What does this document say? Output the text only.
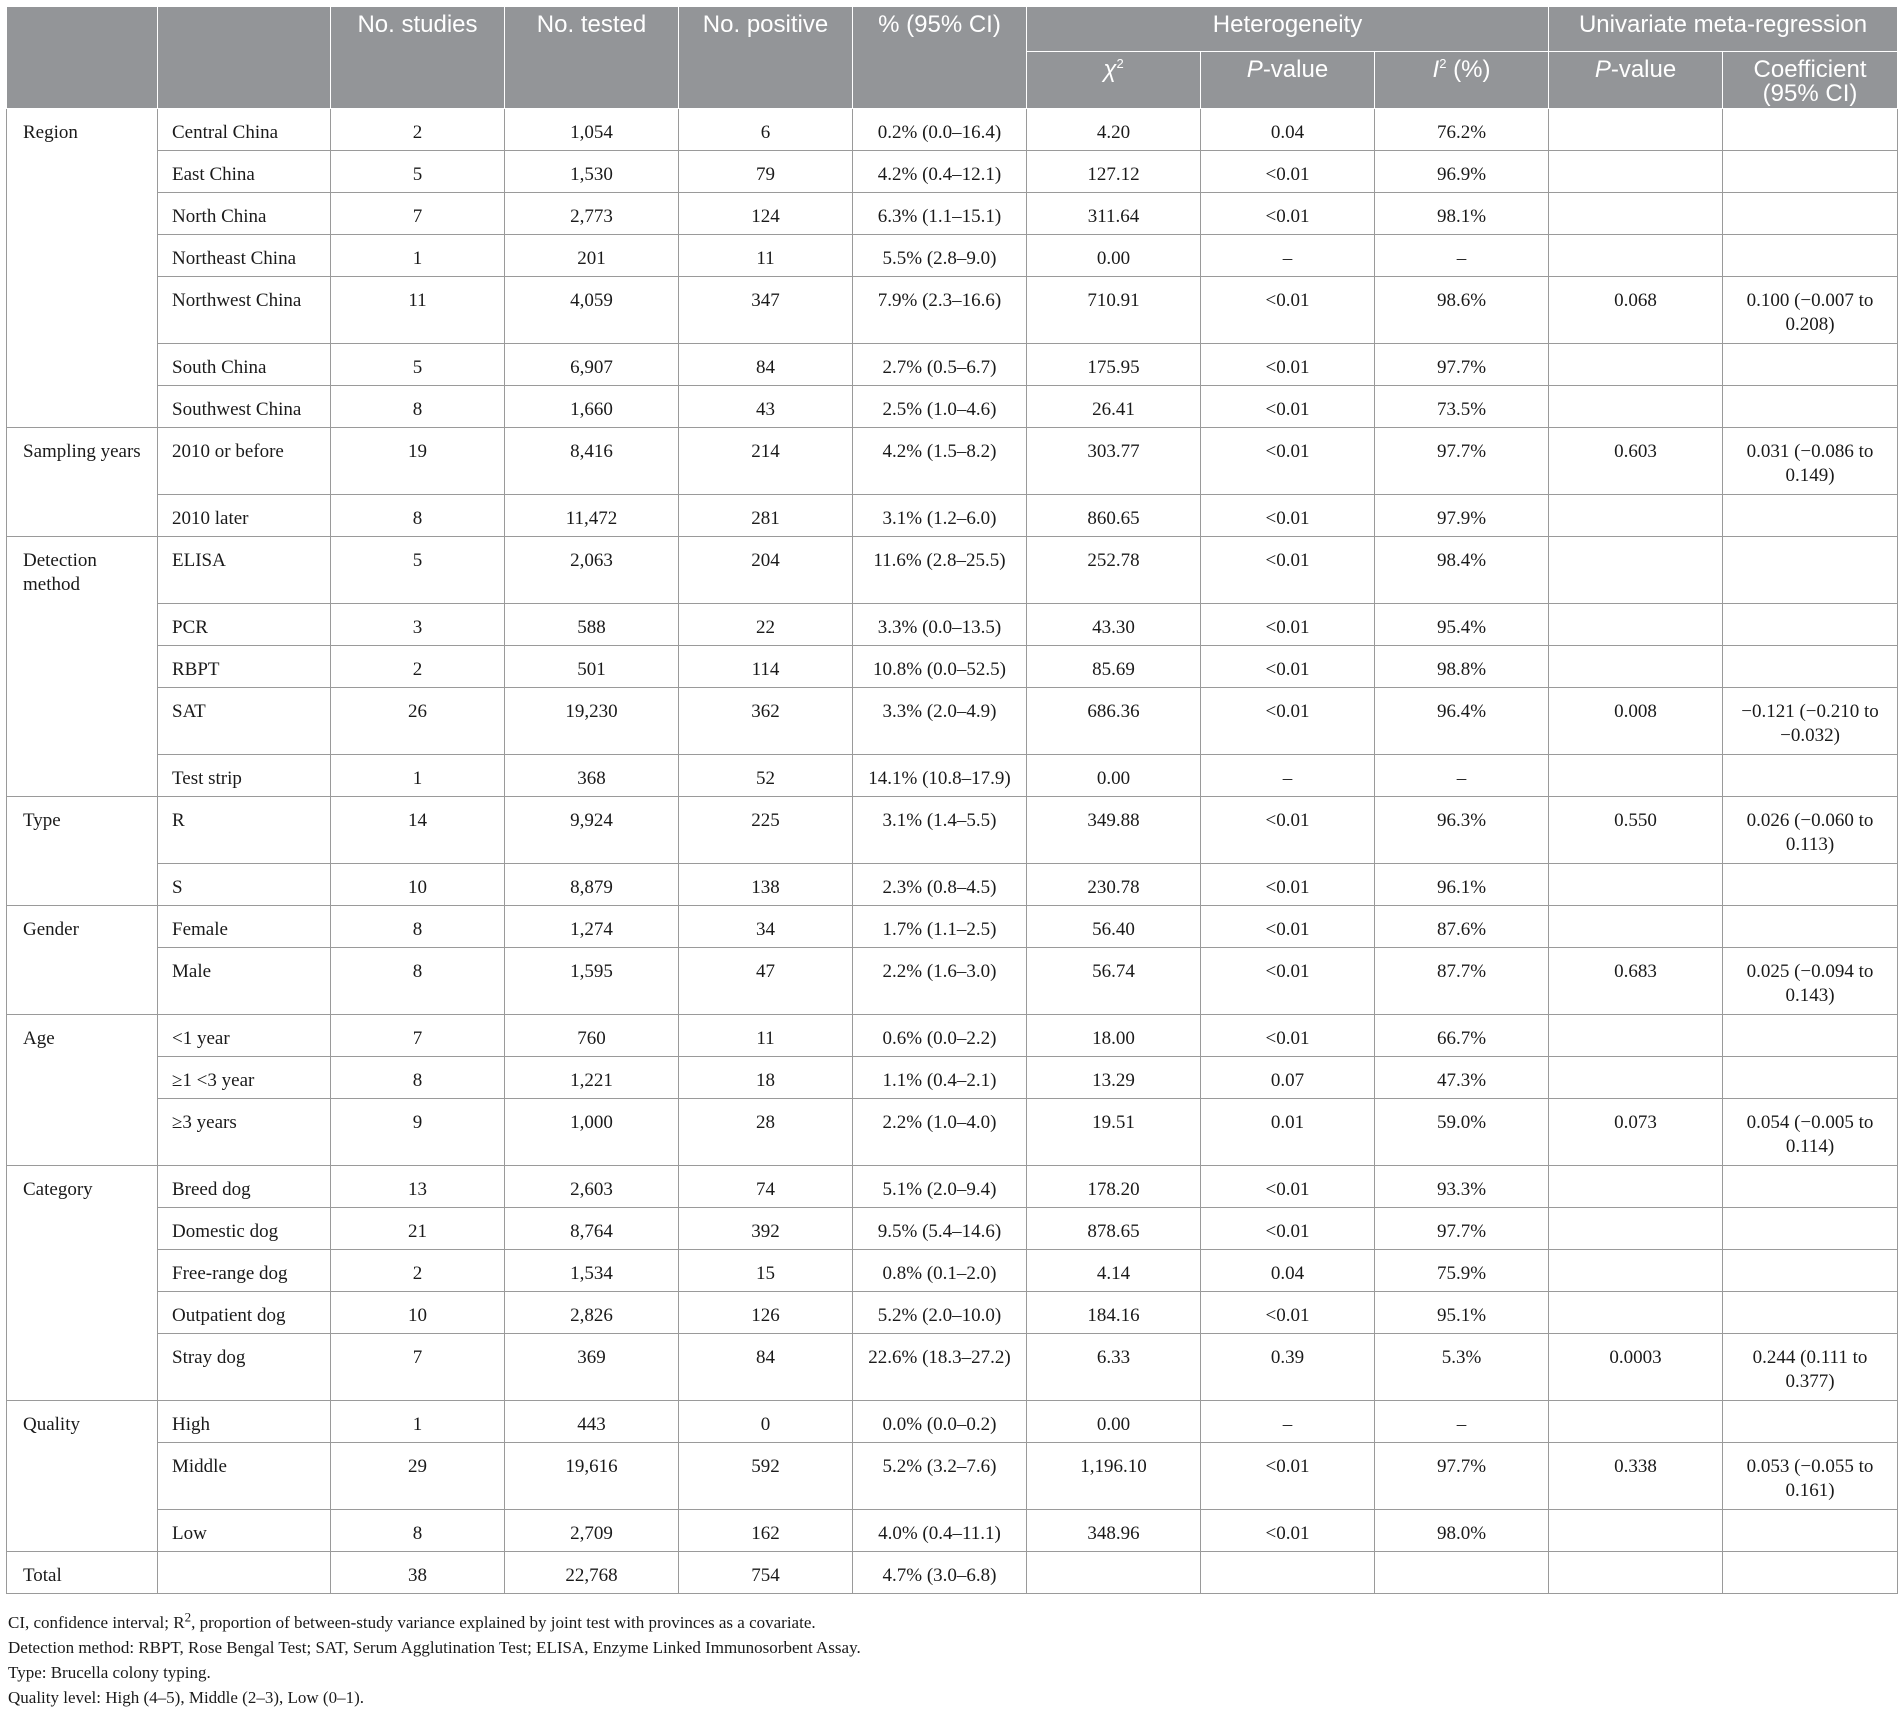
		No. studies	No. tested	No. positive	% (95% CI)	Heterogeneity			Univariate meta-regression	
						$\chi^2$	P-value	$I^2$ (%)	P-value	Coefficient
(95% CI)
Region	Central China	2	1,054	6	0.2% (0.0–16.4)	4.20	0.04	76.2%		
	East China	5	1,530	79	4.2% (0.4–12.1)	127.12	<0.01	96.9%		
	North China	7	2,773	124	6.3% (1.1–15.1)	311.64	<0.01	98.1%		
	Northeast China	1	201	11	5.5% (2.8–9.0)	0.00	–	–		
	Northwest China	11	4,059	347	7.9% (2.3–16.6)	710.91	<0.01	98.6%	0.068	0.100 (−0.007 to 0.208)
	South China	5	6,907	84	2.7% (0.5–6.7)	175.95	<0.01	97.7%		
	Southwest China	8	1,660	43	2.5% (1.0–4.6)	26.41	<0.01	73.5%		
Sampling years	2010 or before	19	8,416	214	4.2% (1.5–8.2)	303.77	<0.01	97.7%	0.603	0.031 (−0.086 to 0.149)
	2010 later	8	11,472	281	3.1% (1.2–6.0)	860.65	<0.01	97.9%		
Detection method	ELISA	5	2,063	204	11.6% (2.8–25.5)	252.78	<0.01	98.4%		
	PCR	3	588	22	3.3% (0.0–13.5)	43.30	<0.01	95.4%		
	RBPT	2	501	114	10.8% (0.0–52.5)	85.69	<0.01	98.8%		
	SAT	26	19,230	362	3.3% (2.0–4.9)	686.36	<0.01	96.4%	0.008	−0.121 (−0.210 to −0.032)
	Test strip	1	368	52	14.1% (10.8–17.9)	0.00	–	–		
Type	R	14	9,924	225	3.1% (1.4–5.5)	349.88	<0.01	96.3%	0.550	0.026 (−0.060 to 0.113)
	S	10	8,879	138	2.3% (0.8–4.5)	230.78	<0.01	96.1%		
Gender	Female	8	1,274	34	1.7% (1.1–2.5)	56.40	<0.01	87.6%		
	Male	8	1,595	47	2.2% (1.6–3.0)	56.74	<0.01	87.7%	0.683	0.025 (−0.094 to 0.143)
Age	<1 year	7	760	11	0.6% (0.0–2.2)	18.00	<0.01	66.7%		
	≥1 <3 year	8	1,221	18	1.1% (0.4–2.1)	13.29	0.07	47.3%		
	≥3 years	9	1,000	28	2.2% (1.0–4.0)	19.51	0.01	59.0%	0.073	0.054 (−0.005 to 0.114)
Category	Breed dog	13	2,603	74	5.1% (2.0–9.4)	178.20	<0.01	93.3%		
	Domestic dog	21	8,764	392	9.5% (5.4–14.6)	878.65	<0.01	97.7%		
	Free-range dog	2	1,534	15	0.8% (0.1–2.0)	4.14	0.04	75.9%		
	Outpatient dog	10	2,826	126	5.2% (2.0–10.0)	184.16	<0.01	95.1%		
	Stray dog	7	369	84	22.6% (18.3–27.2)	6.33	0.39	5.3%	0.0003	0.244 (0.111 to 0.377)
Quality	High	1	443	0	0.0% (0.0–0.2)	0.00	–	–		
	Middle	29	19,616	592	5.2% (3.2–7.6)	1,196.10	<0.01	97.7%	0.338	0.053 (−0.055 to 0.161)
	Low	8	2,709	162	4.0% (0.4–11.1)	348.96	<0.01	98.0%		
Total		38	22,768	754	4.7% (3.0–6.8)					
CI, confidence interval; $R^2$, proportion of between-study variance explained by joint test with provinces as a covariate.
Detection method: RBPT, Rose Bengal Test; SAT, Serum Agglutination Test; ELISA, Enzyme Linked Immunosorbent Assay.
Type: Brucella colony typing.
Quality level: High (4–5), Middle (2–3), Low (0–1).
